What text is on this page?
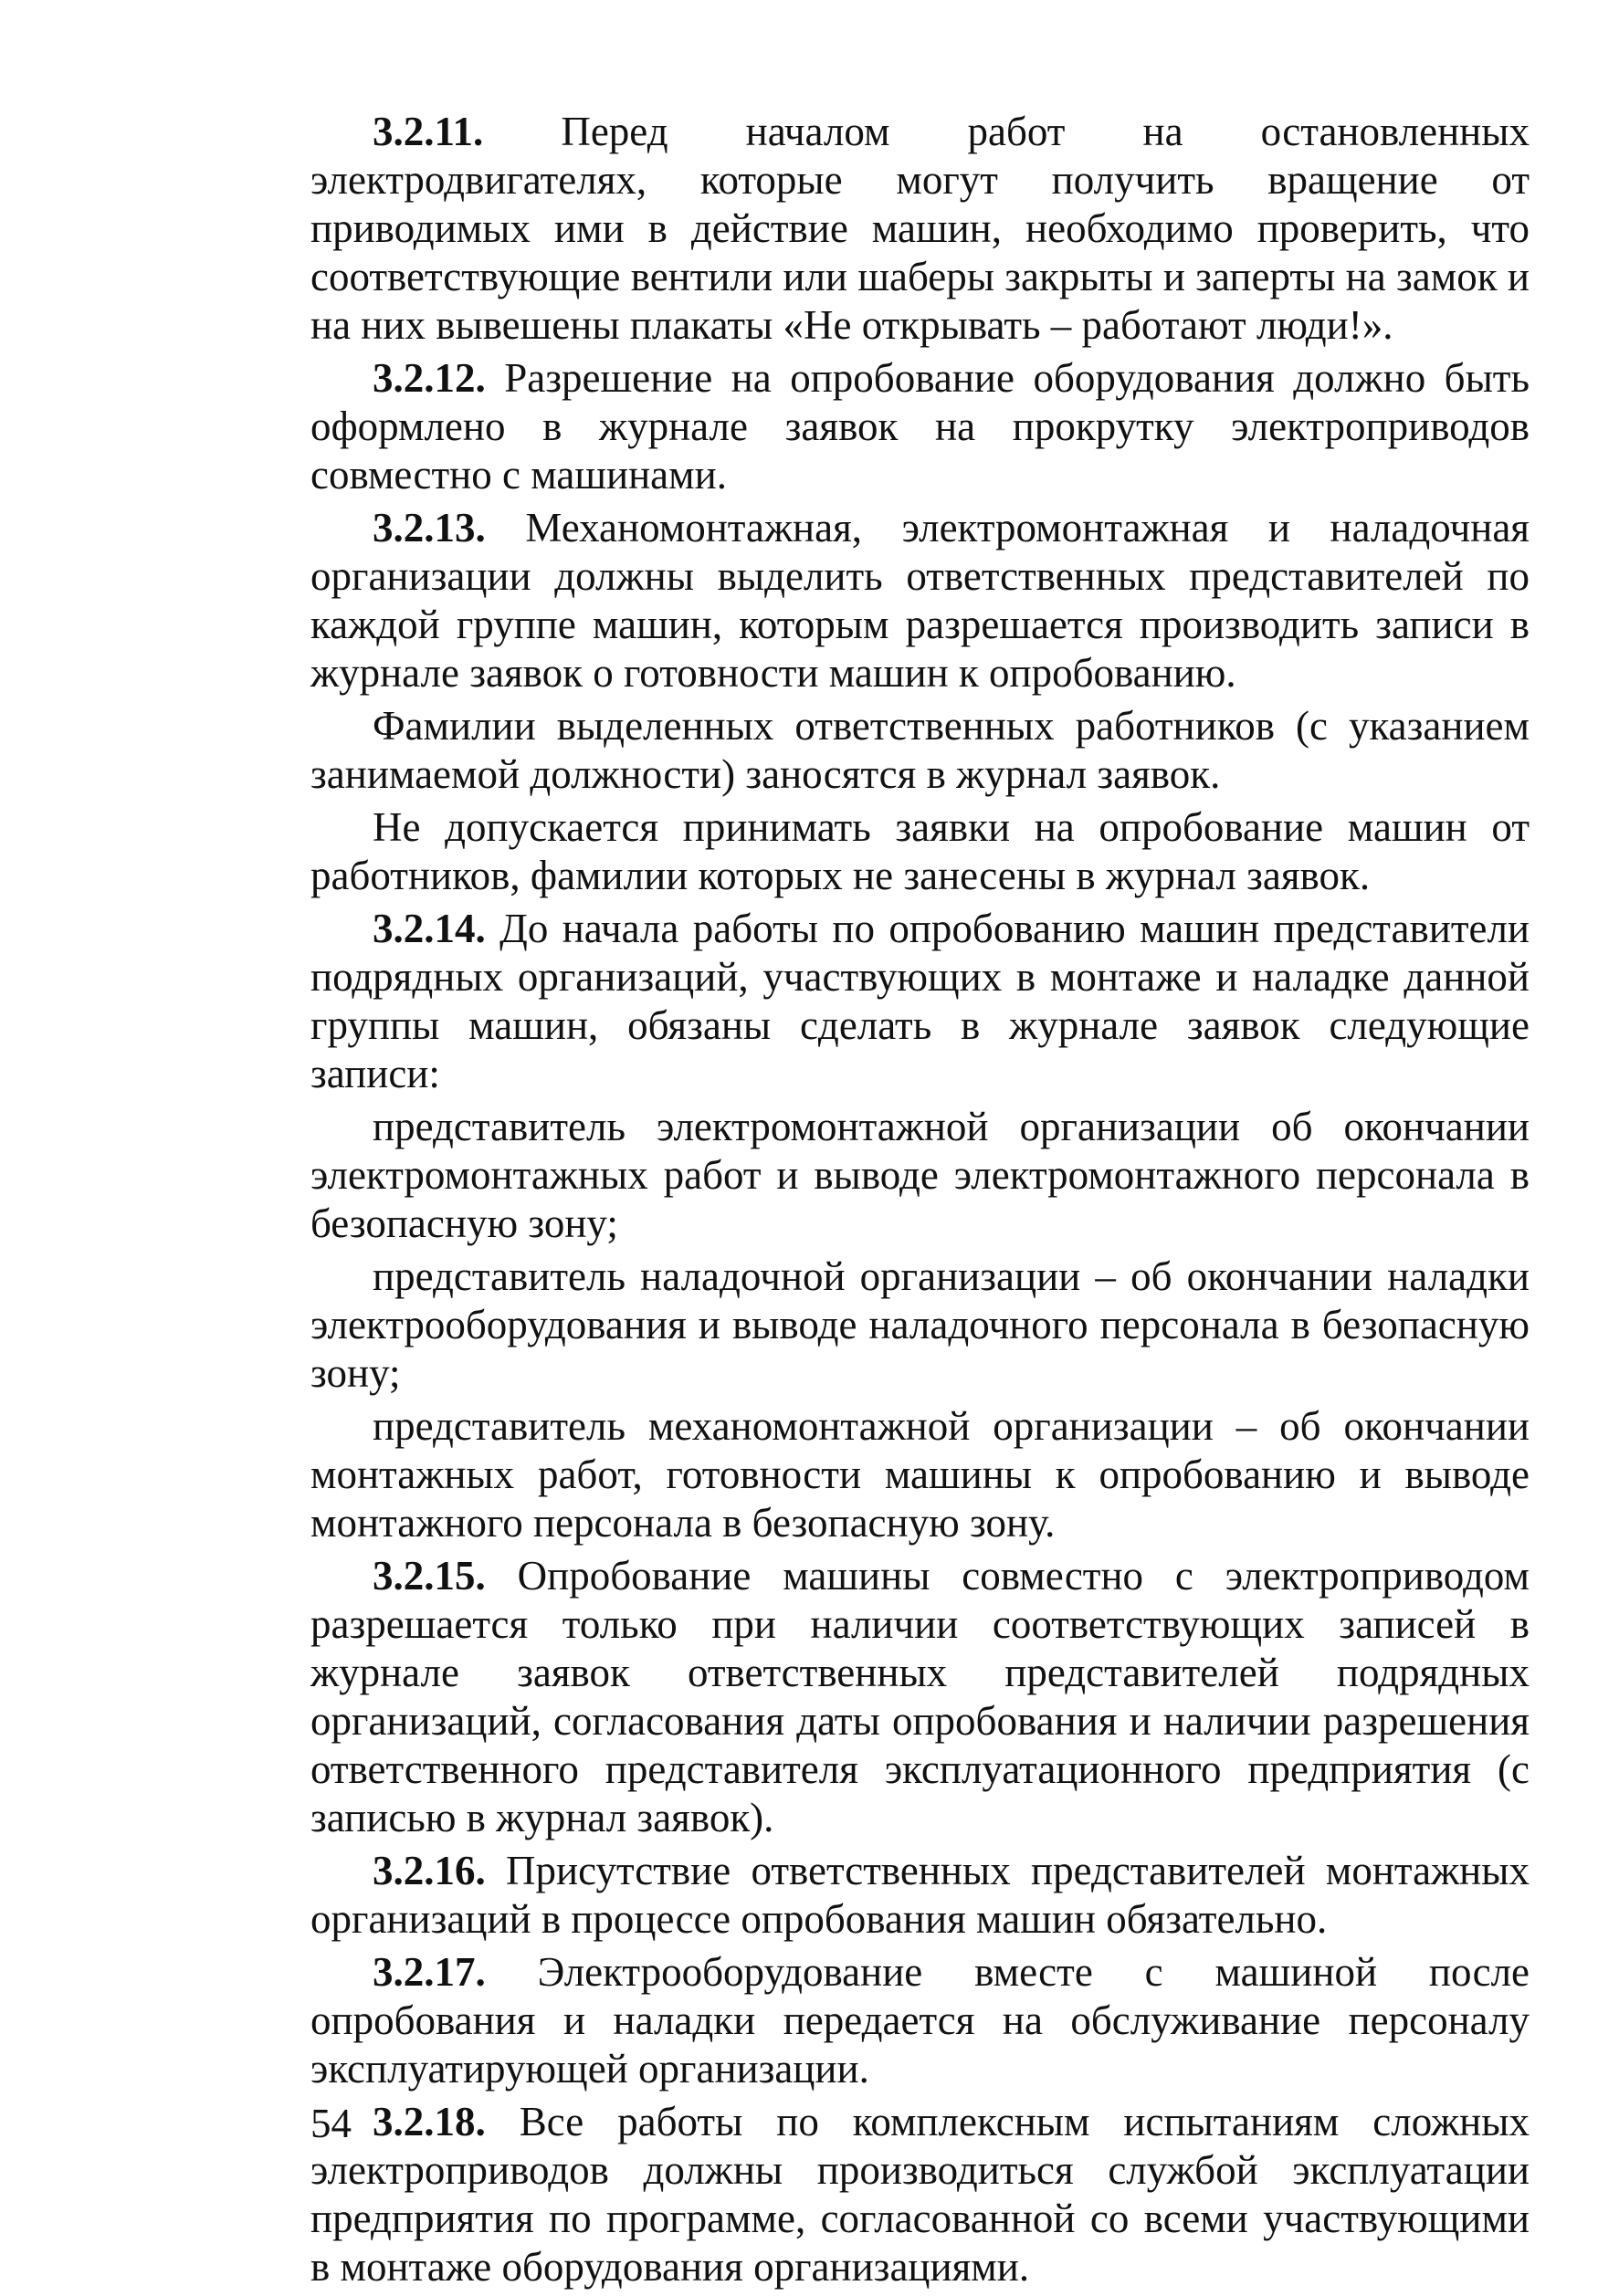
3.2.11. Перед началом работ на остановленных электродвигателях, которые могут получить вращение от приводимых ими в действие машин, необходимо проверить, что соответствующие вентили или шаберы закрыты и заперты на замок и на них вывешены плакаты «Не открывать – работают люди!».

3.2.12. Разрешение на опробование оборудования должно быть оформлено в журнале заявок на прокрутку электроприводов совместно с машинами.

3.2.13. Механомонтажная, электромонтажная и наладочная организации должны выделить ответственных представителей по каждой группе машин, которым разрешается производить записи в журнале заявок о готовности машин к опробованию.

Фамилии выделенных ответственных работников (с указанием занимаемой должности) заносятся в журнал заявок.

Не допускается принимать заявки на опробование машин от работников, фамилии которых не занесены в журнал заявок.

3.2.14. До начала работы по опробованию машин представители подрядных организаций, участвующих в монтаже и наладке данной группы машин, обязаны сделать в журнале заявок следующие записи:

представитель электромонтажной организации об окончании электромонтажных работ и выводе электромонтажного персонала в безопасную зону;

представитель наладочной организации – об окончании наладки электрооборудования и выводе наладочного персонала в безопасную зону;

представитель механомонтажной организации – об окончании монтажных работ, готовности машины к опробованию и выводе монтажного персонала в безопасную зону.

3.2.15. Опробование машины совместно с электроприводом разрешается только при наличии соответствующих записей в журнале заявок ответственных представителей подрядных организаций, согласования даты опробования и наличии разрешения ответственного представителя эксплуатационного предприятия (с записью в журнал заявок).

3.2.16. Присутствие ответственных представителей монтажных организаций в процессе опробования машин обязательно.

3.2.17. Электрооборудование вместе с машиной после опробования и наладки передается на обслуживание персоналу эксплуатирующей организации.

3.2.18. Все работы по комплексным испытаниям сложных электроприводов должны производиться службой эксплуатации предприятия по программе, согласованной со всеми участвующими в монтаже оборудования организациями.

54
